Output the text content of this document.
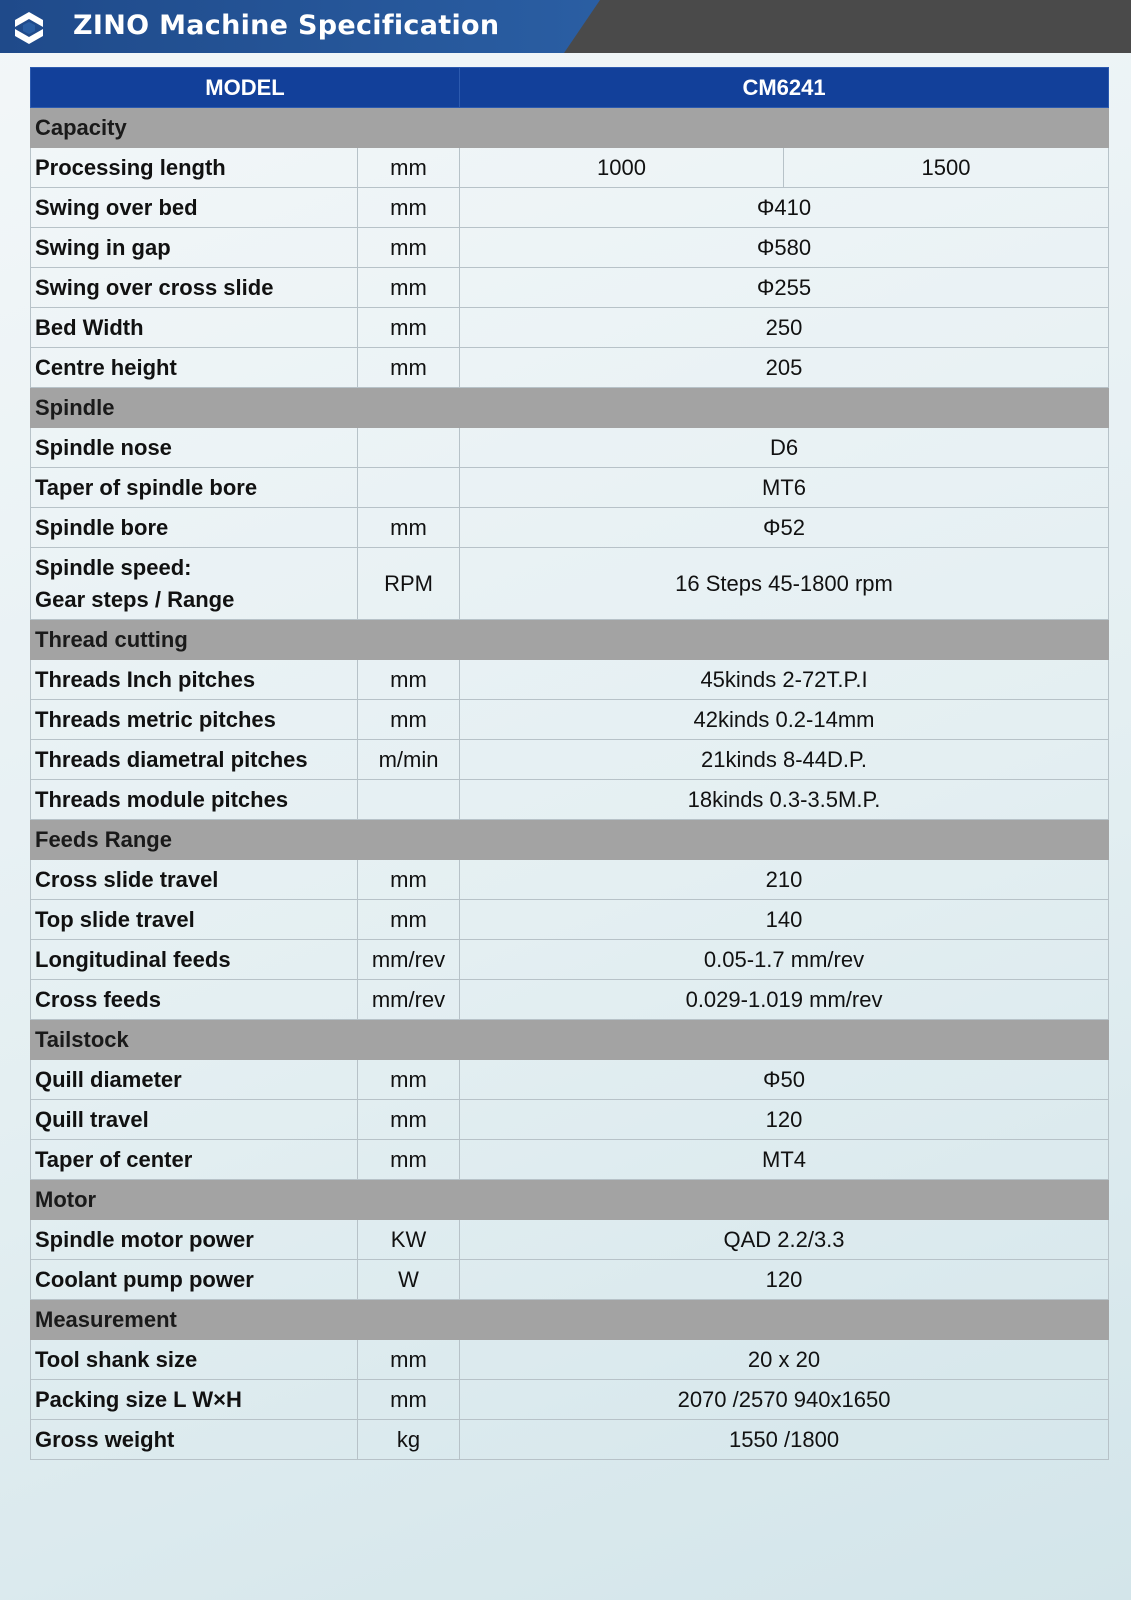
ZINO Machine Specification
MODEL		CM6241	
Capacity			
Processing length	mm	1000	1500
Swing over bed	mm	Φ410	
Swing in gap	mm	Φ580	
Swing over cross slide	mm	Φ255	
Bed Width	mm	250	
Centre height	mm	205	
Spindle			
Spindle nose		D6	
Taper of spindle bore		MT6	
Spindle bore	mm	Φ52	
Spindle speed:
Gear steps / Range	RPM	16 Steps 45-1800 rpm	
Thread cutting			
Threads Inch pitches	mm	45kinds 2-72T.P.I	
Threads metric pitches	mm	42kinds 0.2-14mm	
Threads diametral pitches	m/min	21kinds 8-44D.P.	
Threads module pitches		18kinds 0.3-3.5M.P.	
Feeds Range			
Cross slide travel	mm	210	
Top slide travel	mm	140	
Longitudinal feeds	mm/rev	0.05-1.7 mm/rev	
Cross feeds	mm/rev	0.029-1.019 mm/rev	
Tailstock			
Quill diameter	mm	Φ50	
Quill travel	mm	120	
Taper of center	mm	MT4	
Motor			
Spindle motor power	KW	QAD 2.2/3.3	
Coolant pump power	W	120	
Measurement			
Tool shank size	mm	20 x 20	
Packing size L W×H	mm	2070 /2570 940x1650	
Gross weight	kg	1550 /1800	
